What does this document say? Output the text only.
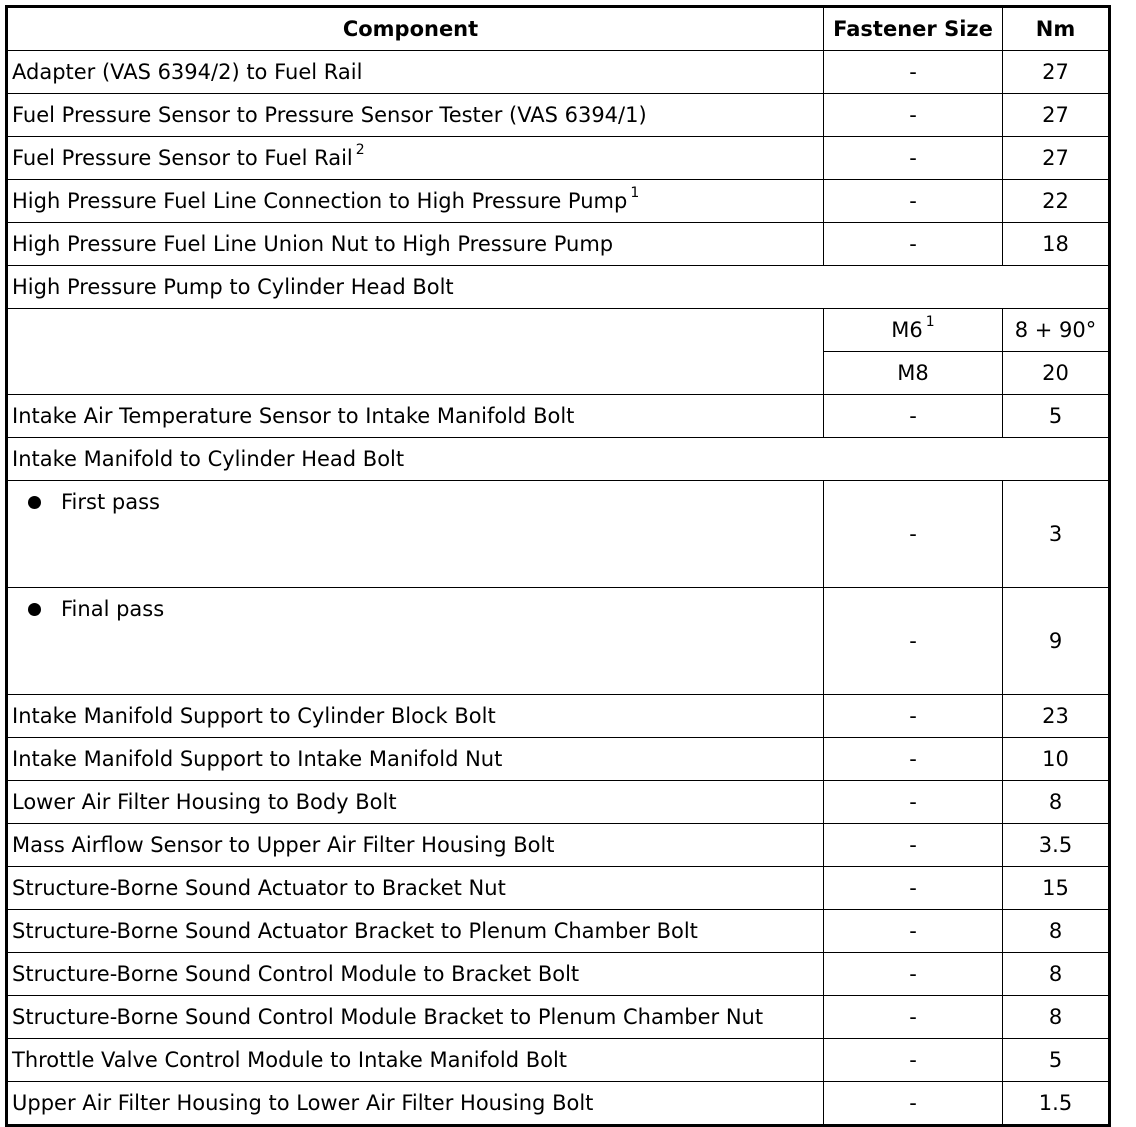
Component	Fastener Size	Nm
Adapter (VAS 6394/2) to Fuel Rail	-	27
Fuel Pressure Sensor to Pressure Sensor Tester (VAS 6394/1)	-	27
Fuel Pressure Sensor to Fuel Rail $^2$	-	27
High Pressure Fuel Line Connection to High Pressure Pump $^1$	-	22
High Pressure Fuel Line Union Nut to High Pressure Pump	-	18
High Pressure Pump to Cylinder Head Bolt		
	M6 $^1$	8 + 90°
	M8	20
Intake Air Temperature Sensor to Intake Manifold Bolt	-	5
Intake Manifold to Cylinder Head Bolt		
First pass	-	3
Final pass	-	9
Intake Manifold Support to Cylinder Block Bolt	-	23
Intake Manifold Support to Intake Manifold Nut	-	10
Lower Air Filter Housing to Body Bolt	-	8
Mass Airflow Sensor to Upper Air Filter Housing Bolt	-	3.5
Structure-Borne Sound Actuator to Bracket Nut	-	15
Structure-Borne Sound Actuator Bracket to Plenum Chamber Bolt	-	8
Structure-Borne Sound Control Module to Bracket Bolt	-	8
Structure-Borne Sound Control Module Bracket to Plenum Chamber Nut	-	8
Throttle Valve Control Module to Intake Manifold Bolt	-	5
Upper Air Filter Housing to Lower Air Filter Housing Bolt	-	1.5
